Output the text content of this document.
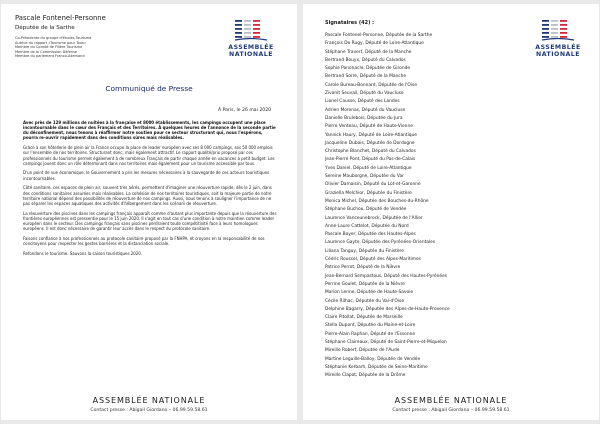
Pascale Fontenel-Personne
Députée de la Sarthe
Co-Présidente du groupe d'études Tourisme
Autrice du rapport «Tourisme pour Tous»
Membre du Comité de Filière Tourisme
Membre de la Commission Défense
Membre du parlement Franco-Allemand
ASSEMBLÉE
NATIONALE
Communiqué de Presse
À Paris, le 26 mai 2020

Avec près de 129 millions de nuitées à la française et 8000 établissements, les campings occupent une place incontournable dans le cœur des Français et des Territoires. À quelques heures de l'annonce de la seconde partie du déconfinement, nous tenons à réaffirmer notre soutien pour ce secteur structurant qui, nous l'espérons, pourra re-ouvrir rapidement dans des conditions sûres mais réalisables.

Grâce à son hôtellerie de plein air la France occupe la place de leader européen avec ses 8 000 campings, ses 50 000 emplois sur l'ensemble de nos territoires. Structurant donc, mais également attractif. Le rapport qualité/prix proposé par ces professionnels du tourisme permet également à de nombreux Français de partir chaque année en vacances à petit budget. Les campings jouent donc un rôle déterminant dans nos territoires mais également pour un tourisme accessible par tous.

D'un point de vue économique, le Gouvernement a pris les mesures nécessaires à la sauvegarde de ces acteurs touristiques incontournables.

Côté sanitaire, ces espaces de plein air, souvent très aérés, permettent d'imaginer une réouverture rapide, dès le 2 juin, dans des conditions sanitaires assurées mais réalisables. La cohésion de nos territoires touristiques, soit la majeure partie de notre territoire national dépend des possibilités de réouverture de nos campings. Aussi, nous tenons à souligner l'importance de ne pas séparer les espaces aquatiques des activités d'hébergement dans les scénarii de réouverture.

La réouverture des piscines dans les campings français apparaît comme d'autant plus importante depuis que la réouverture des frontières européennes est pressentie pour le 15 juin 2020. Il s'agit en tout cas d'une condition à notre maintien comme leader européen dans le secteur. Des campings français sans piscines perdraient toute compétitivité face à leurs homologues européens. Il est donc nécessaire de garantir leur accès dans le respect du protocole sanitaire.

Faisons confiance à nos professionnels au protocole sanitaire proposé par la FNHPA, et croyons en la responsabilité de nos concitoyens pour respecter les gestes barrières et la distanciation sociale.

Refondons le tourisme. Sauvons la saison touristiques 2020.

ASSEMBLÉE NATIONALE
Contact presse : Abigail Giordano – 06.99.59.58.61
Signataires (42) :
ASSEMBLÉE
NATIONALE
Pascale Fontenel-Personne, Députée de la Sarthe
François De Rugy, Député de Loire-Atlantique
Stéphane Travert, Député de la Manche
Bertrand Bouyx, Député du Calvados
Sophie Panonacle, Députée de Gironde
Bertrand Sorre, Député de la Manche
Carole Bureau-Bonnard, Députée de l'Oise
Zivanit Seuvail, Député du Vaucluse
Lionel Causse, Député des Landes
Adrien Morenas, Député du Vaucluse
Danielle Brulebois, Députée du Jura
Pierre Venteau, Député de Haute-Vienne
Yannick Haury, Député de Loire-Atlantique
Jacqueline Dubois, Députée de Dordogne
Christophe Blanchet, Député du Calvados
Jean-Pierre Pont, Député du Pas-de-Calais
Yves Daniel, Député de Loire-Atlantique
Sereine Mauborgne, Députée du Var
Olivier Damaisin, Député du Lot-et-Garonne
Graziella Melchior, Députée du Finistère
Monica Michel, Députée des Bouches-du-Rhône
Stéphane Buchou, Député de Vendée
Laurence Vanceunebrock, Députée de l'Allier
Anne-Laure Cattelot, Députée du Nord
Pascale Boyer, Députée des Hautes-Alpes
Laurence Gayte, Députée des Pyrénées-Orientales
Liliana Tanguy, Députée du Finistère
Cédric Roussel, Député des Alpes-Maritimes
Patrice Perrot, Député de la Nièvre
Jean-Bernard Sempastous, Député des Hautes-Pyrénées
Perrine Goulet, Députée de la Nièvre
Marion Lenne, Députée de Haute-Savoie
Cécile Rilhac, Députée du Val-d'Oise
Delphine Bagarry, Députée des Alpes-de-Haute-Provence
Claire Pitollat, Députée de Marseille
Stella Dupont, Députée du Maine-et-Loire
Pierre-Alain Raphan, Député de l'Essonne
Stéphane Claireaux, Député de Saint-Pierre-et-Miquelon
Mireille Robert, Députée de l'Aude
Martine Leguille-Balloy, Députée de Vendée
Stéphanie Kerbarh, Députée de Seine-Maritime
Mireille Clapot, Députée de la Drôme
ASSEMBLÉE NATIONALE
Contact presse : Abigail Giordano – 06.99.59.58.61
